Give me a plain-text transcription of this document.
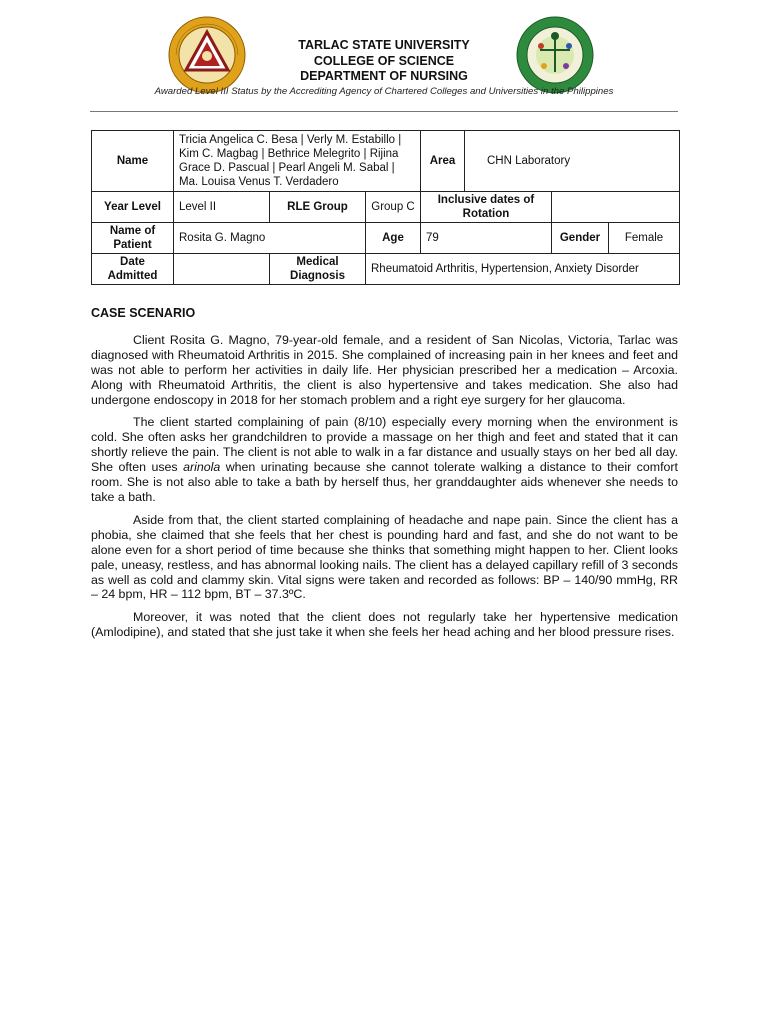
TARLAC STATE UNIVERSITY
COLLEGE OF SCIENCE
DEPARTMENT OF NURSING
Awarded Level III Status by the Accrediting Agency of Chartered Colleges and Universities in the Philippines
Name	Tricia Angelica C. Besa | Verly M. Estabillo | Kim C. Magbag | Bethrice Melegrito | Rijina Grace D. Pascual | Pearl Angeli M. Sabal | Ma. Louisa Venus T. Verdadero			Area	CHN Laboratory		
Year Level	Level II	RLE Group	Group C	Inclusive dates of Rotation			
Name of Patient	Rosita G. Magno		Age	79		Gender	Female
Date Admitted		Medical Diagnosis	Rheumatoid Arthritis, Hypertension, Anxiety Disorder				
CASE SCENARIO

Client Rosita G. Magno, 79-year-old female, and a resident of San Nicolas, Victoria, Tarlac was diagnosed with Rheumatoid Arthritis in 2015. She complained of increasing pain in her knees and feet and was not able to perform her activities in daily life. Her physician prescribed her a medication – Arcoxia. Along with Rheumatoid Arthritis, the client is also hypertensive and takes medication. She also had undergone endoscopy in 2018 for her stomach problem and a right eye surgery for her glaucoma.

The client started complaining of pain (8/10) especially every morning when the environment is cold. She often asks her grandchildren to provide a massage on her thigh and feet and stated that it can shortly relieve the pain. The client is not able to walk in a far distance and usually stays on her bed all day. She often uses arinola when urinating because she cannot tolerate walking a distance to their comfort room. She is not also able to take a bath by herself thus, her granddaughter aids whenever she needs to take a bath.

Aside from that, the client started complaining of headache and nape pain. Since the client has a phobia, she claimed that she feels that her chest is pounding hard and fast, and she do not want to be alone even for a short period of time because she thinks that something might happen to her. Client looks pale, uneasy, restless, and has abnormal looking nails. The client has a delayed capillary refill of 3 seconds as well as cold and clammy skin. Vital signs were taken and recorded as follows: BP – 140/90 mmHg, RR – 24 bpm, HR – 112 bpm, BT – 37.3ºC.

Moreover, it was noted that the client does not regularly take her hypertensive medication (Amlodipine), and stated that she just take it when she feels her head aching and her blood pressure rises.
